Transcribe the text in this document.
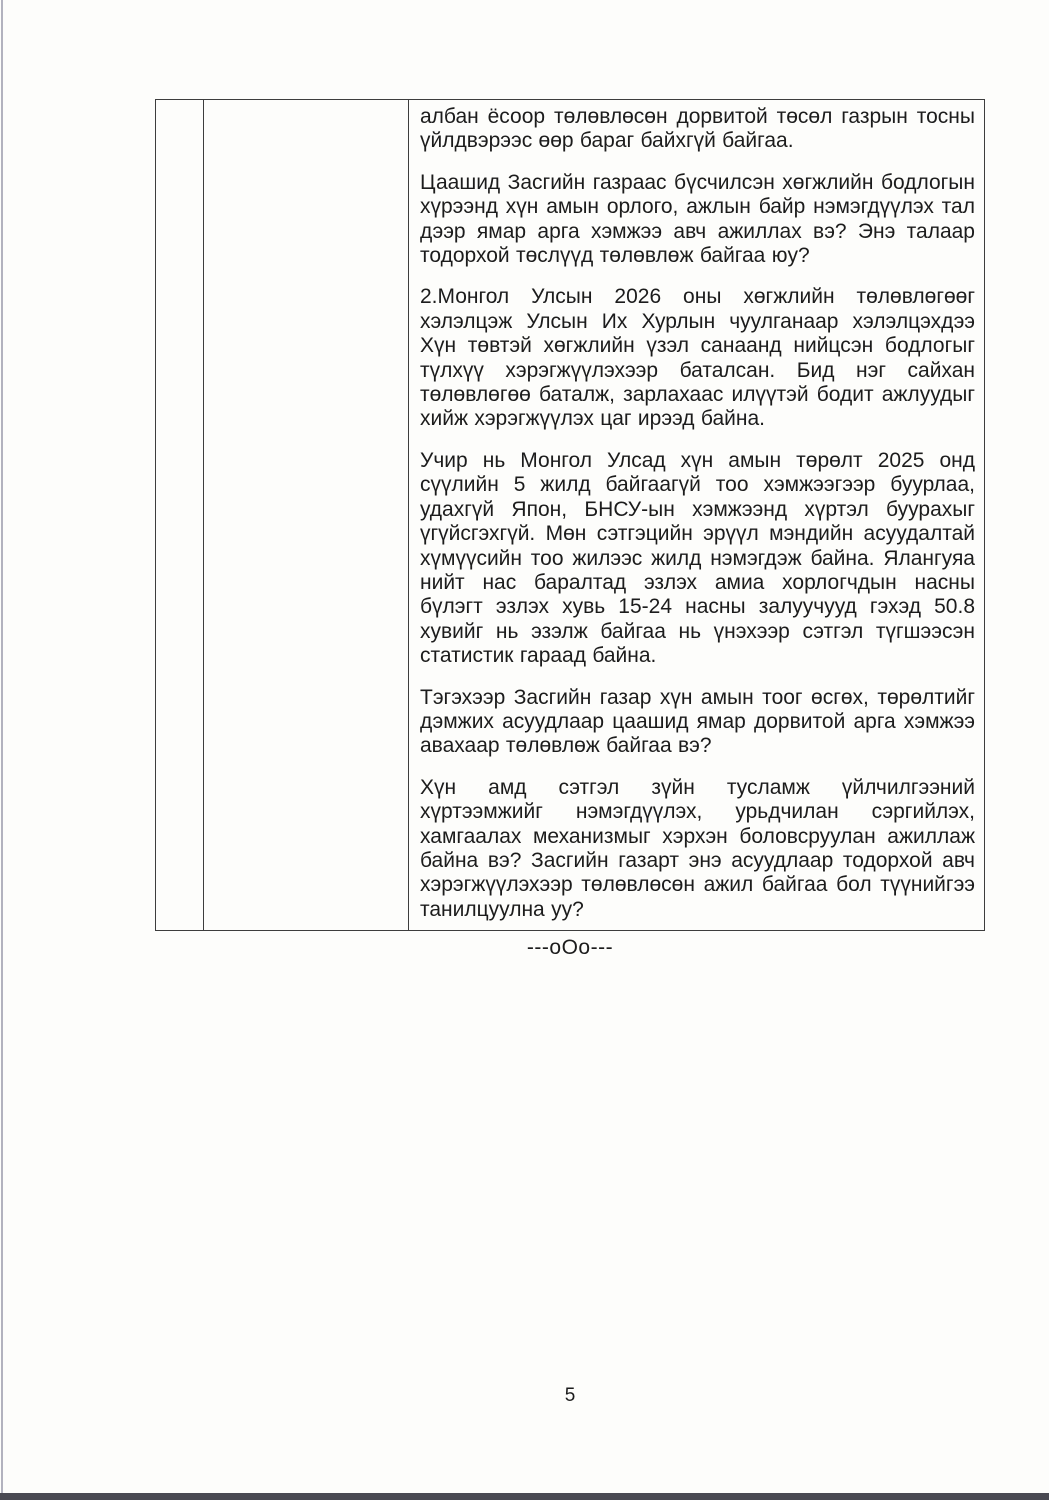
албан ёсоор төлөвлөсөн дорвитой төсөл газрын тосны үйлдвэрээс өөр бараг байхгүй байгаа.

Цаашид Засгийн газраас бүсчилсэн хөгжлийн бодлогын хүрээнд хүн амын орлого, ажлын байр нэмэгдүүлэх тал дээр ямар арга хэмжээ авч ажиллах вэ? Энэ талаар тодорхой төслүүд төлөвлөж байгаа юу?

2.Монгол Улсын 2026 оны хөгжлийн төлөвлөгөөг хэлэлцэж Улсын Их Хурлын чуулганаар хэлэлцэхдээ Хүн төвтэй хөгжлийн үзэл санаанд нийцсэн бодлогыг түлхүү хэрэгжүүлэхээр баталсан. Бид нэг сайхан төлөвлөгөө баталж, зарлахаас илүүтэй бодит ажлуудыг хийж хэрэгжүүлэх цаг ирээд байна.

Учир нь Монгол Улсад хүн амын төрөлт 2025 онд сүүлийн 5 жилд байгаагүй тоо хэмжээгээр буурлаа, удахгүй Япон, БНСУ-ын хэмжээнд хүртэл буурахыг үгүйсгэхгүй. Мөн сэтгэцийн эрүүл мэндийн асуудалтай хүмүүсийн тоо жилээс жилд нэмэгдэж байна. Ялангуяа нийт нас баралтад эзлэх амиа хорлогчдын насны бүлэгт эзлэх хувь 15-24 насны залуучууд гэхэд 50.8 хувийг нь эзэлж байгаа нь үнэхээр сэтгэл түгшээсэн статистик гараад байна.

Тэгэхээр Засгийн газар хүн амын тоог өсгөх, төрөлтийг дэмжих асуудлаар цаашид ямар дорвитой арга хэмжээ авахаар төлөвлөж байгаа вэ?

Хүн амд сэтгэл зүйн тусламж үйлчилгээний хүртээмжийг нэмэгдүүлэх, урьдчилан сэргийлэх, хамгаалах механизмыг хэрхэн боловсруулан ажиллаж байна вэ? Засгийн газарт энэ асуудлаар тодорхой авч хэрэгжүүлэхээр төлөвлөсөн ажил байгаа бол түүнийгээ танилцуулна уу?

---oOo---
5
